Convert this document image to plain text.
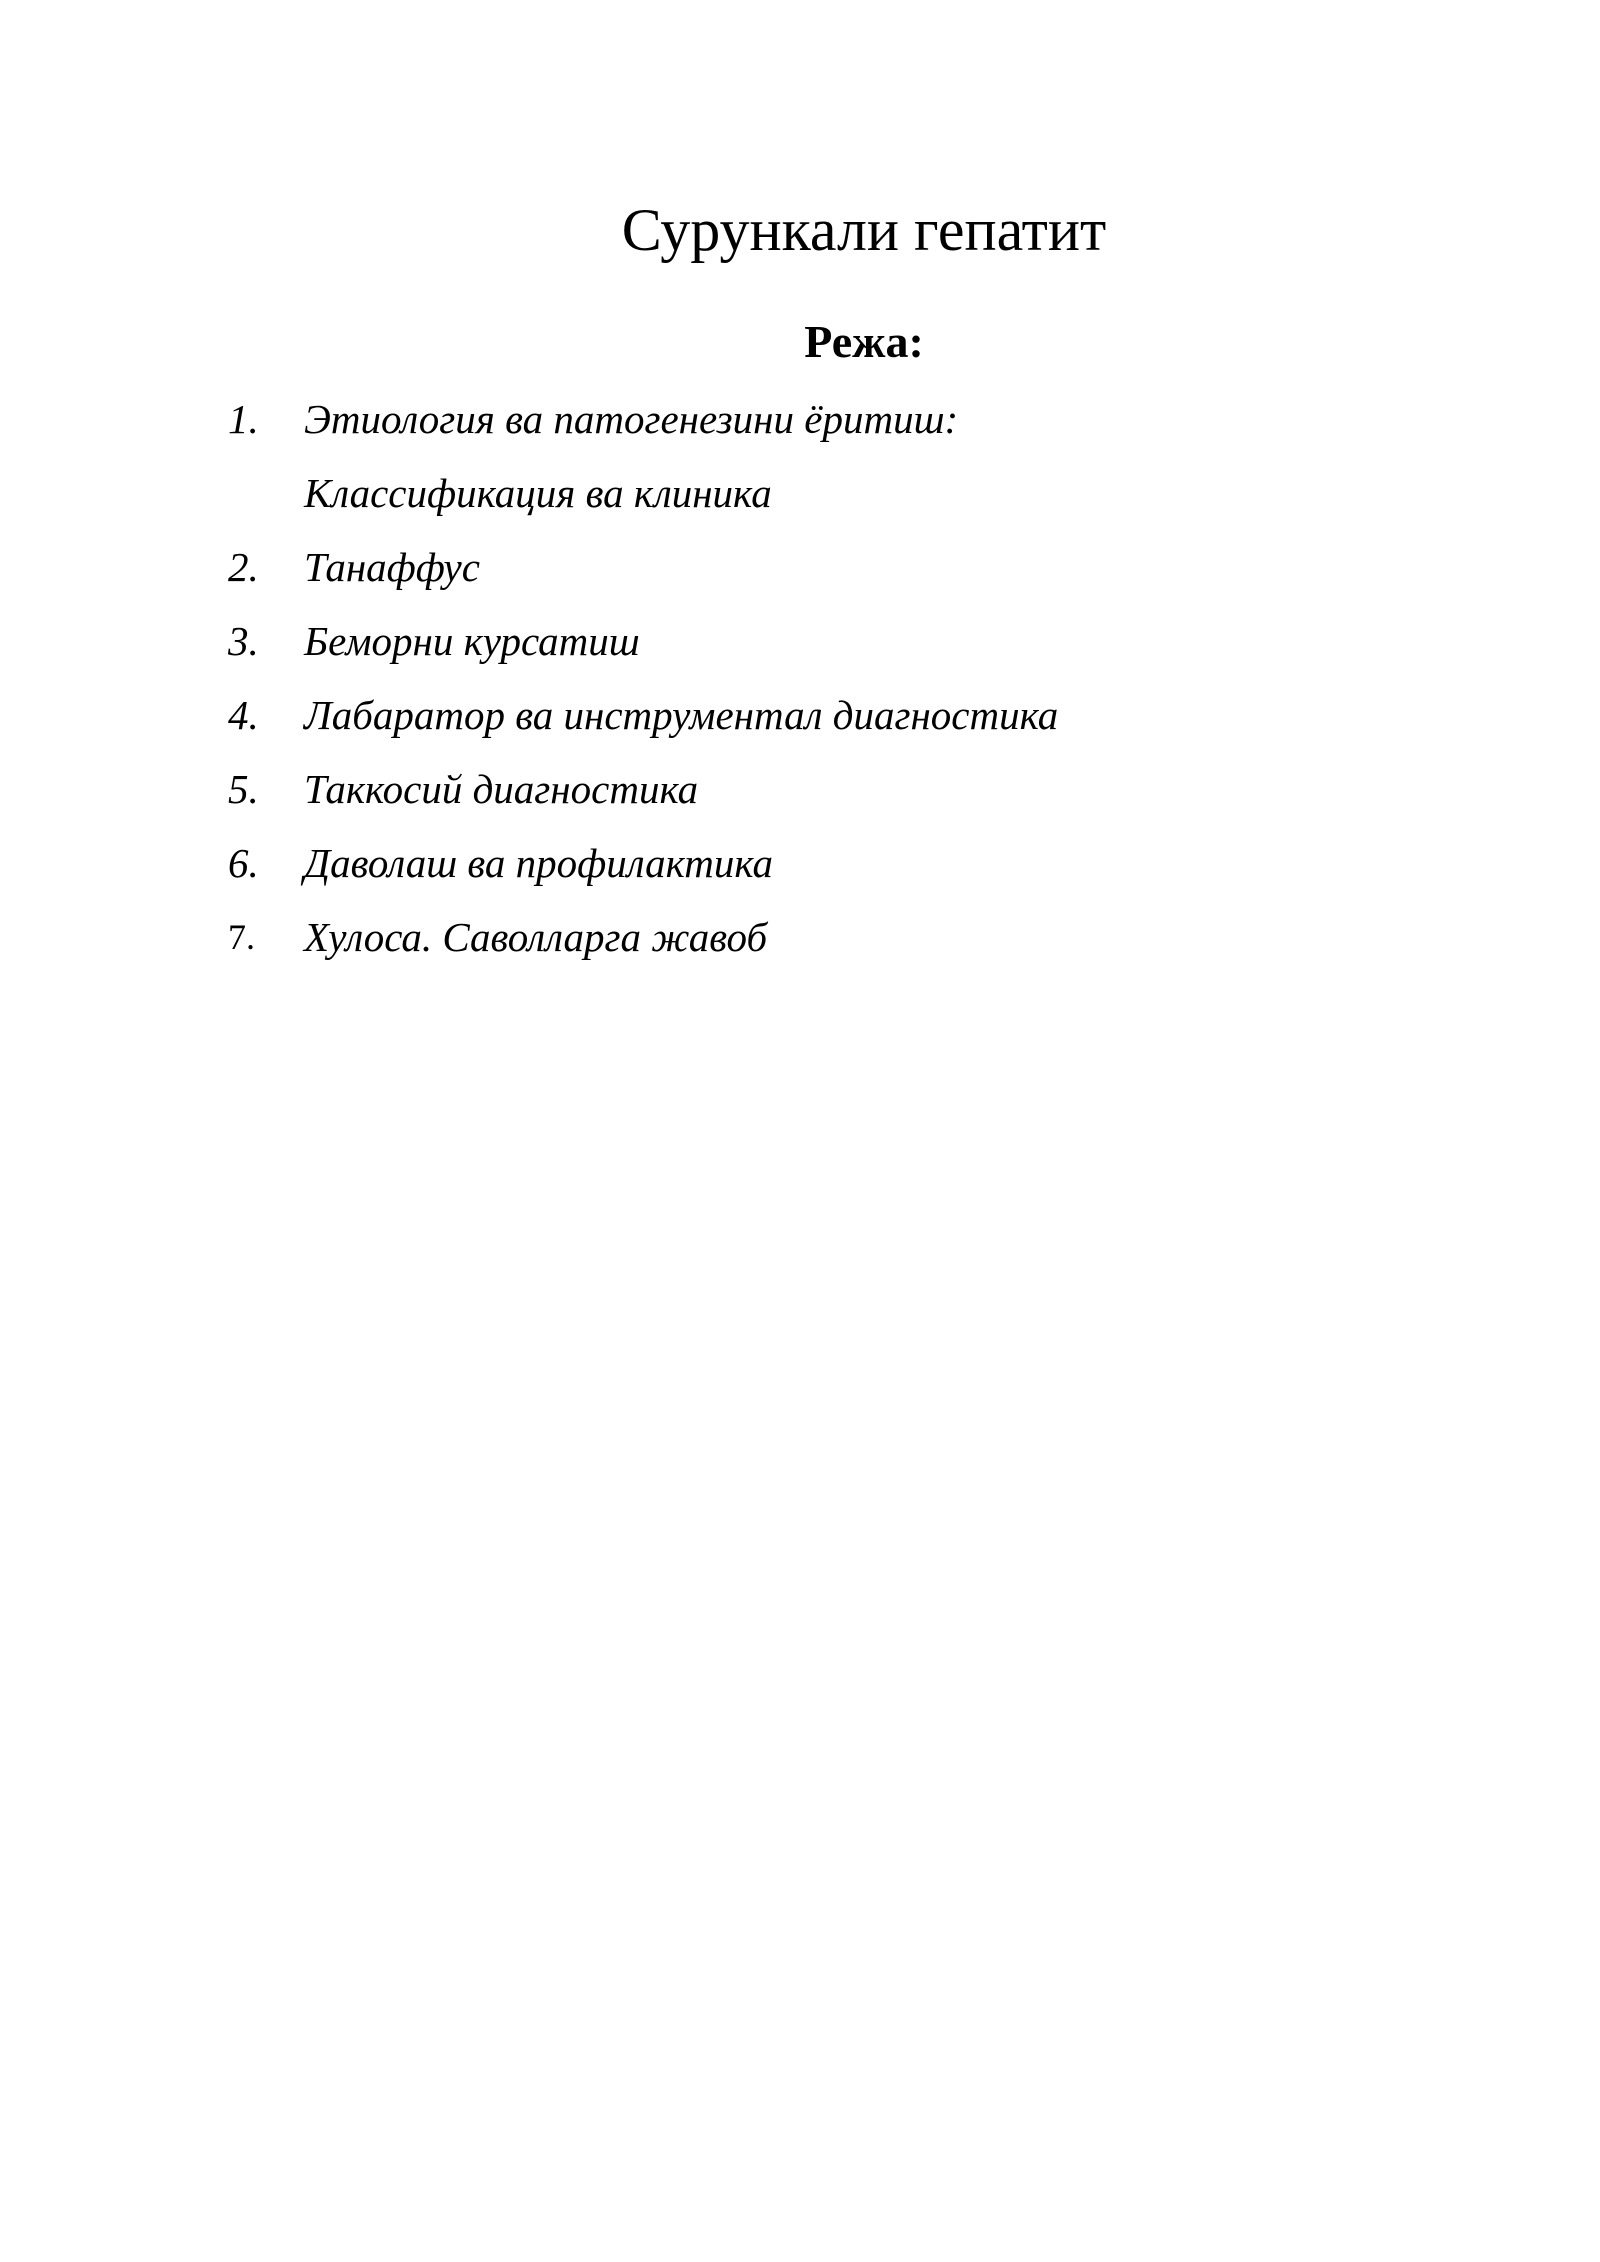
Сурункали гепатит
Режа:
1.	Этиология ва патогенезини ёритиш:
Классификация ва клиника
2.	Танаффус
3.	Беморни курсатиш
4.	Лабаратор ва инструментал диагностика
5.	Таккосий диагностика
6.	Даволаш ва профилактика
7.	Хулоса. Саволларга жавоб
